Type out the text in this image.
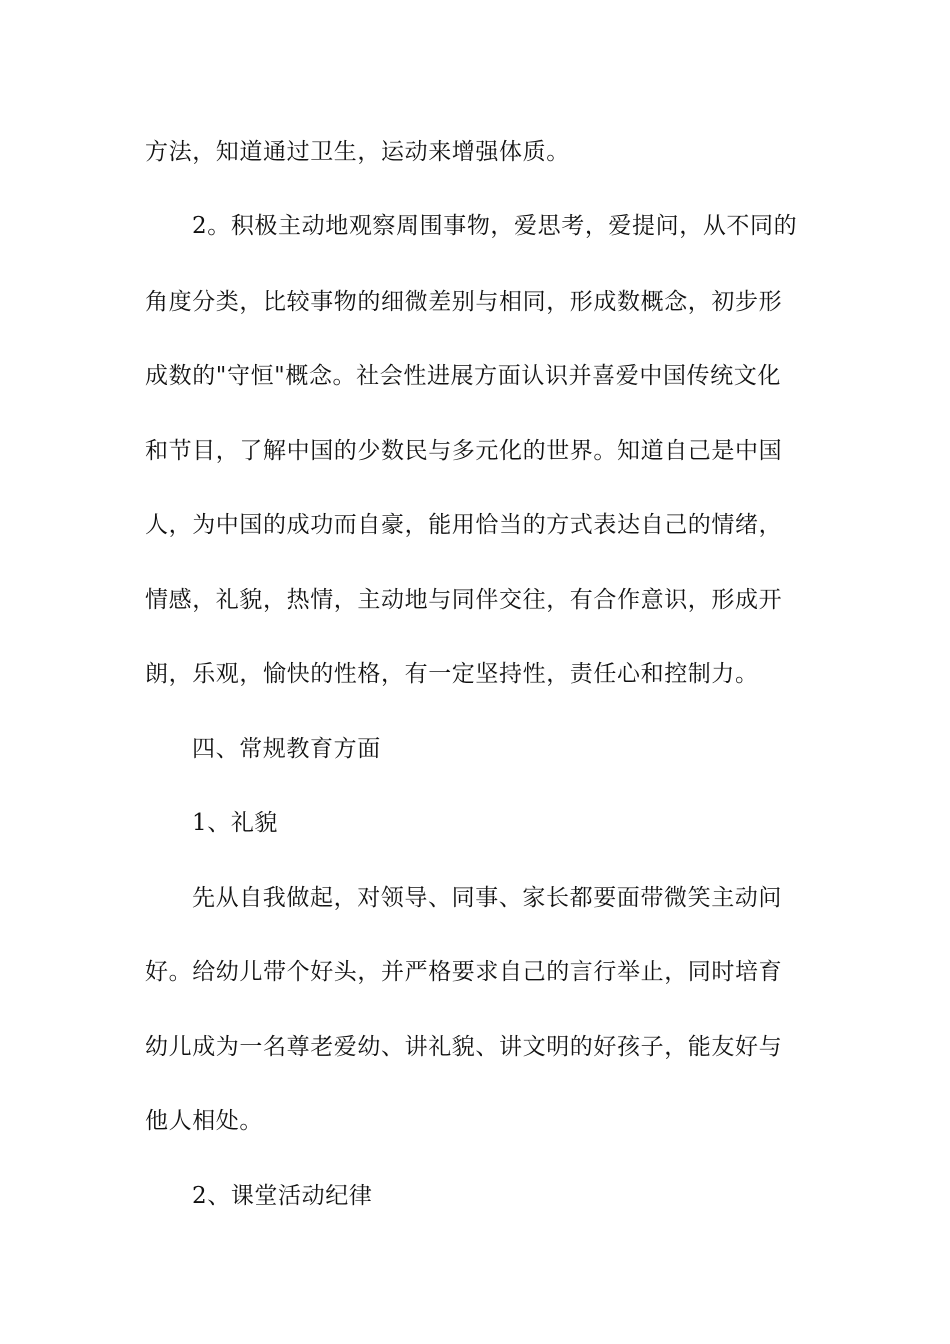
方法，知道通过卫生，运动来增强体质。
2。积极主动地观察周围事物，爱思考，爱提问，从不同的
角度分类，比较事物的细微差别与相同，形成数概念，初步形
成数的"守恒"概念。社会性进展方面认识并喜爱中国传统文化
和节目，了解中国的少数民与多元化的世界。知道自己是中国
人，为中国的成功而自豪，能用恰当的方式表达自己的情绪，
情感，礼貌，热情，主动地与同伴交往，有合作意识，形成开
朗，乐观，愉快的性格，有一定坚持性，责任心和控制力。
四、常规教育方面
1、礼貌
先从自我做起，对领导、同事、家长都要面带微笑主动问
好。给幼儿带个好头，并严格要求自己的言行举止，同时培育
幼儿成为一名尊老爱幼、讲礼貌、讲文明的好孩子，能友好与
他人相处。
2、课堂活动纪律
